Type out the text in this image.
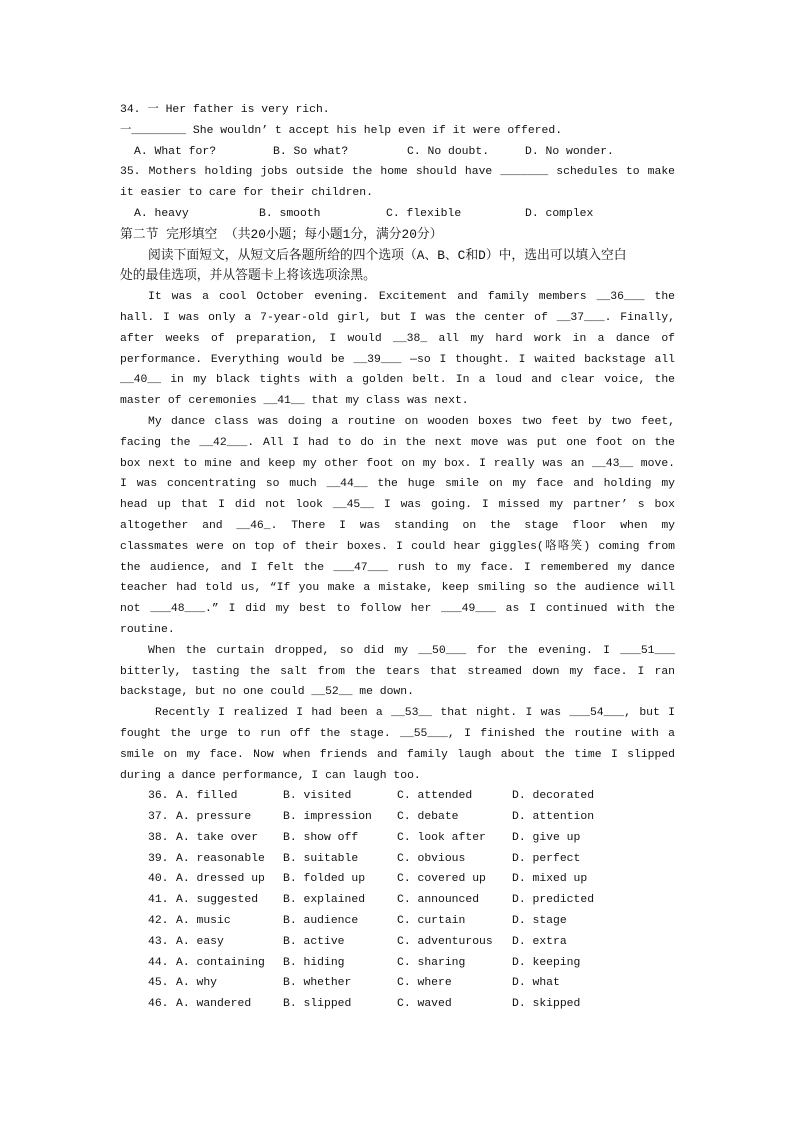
34. 一 Her father is very rich.
一________ She wouldn’ t accept his help even if it were offered.
A. What for?	B. So what?	C. No doubt.	D. No wonder.
35. Mothers holding jobs outside the home should have _______ schedules to make
it easier to care for their children.
A. heavy	B. smooth	C. flexible	D. complex
第二节 完形填空 （共20小题；每小题1分，满分20分）
阅读下面短文，从短文后各题所给的四个选项（A、B、C和D）中，选出可以填入空白
处的最佳选项，并从答题卡上将该选项涂黑。
It was a cool October evening. Excitement and family members __36___ the
hall. I was only a 7-year-old girl, but I was the center of __37___. Finally,
after weeks of preparation, I would __38_ all my hard work in a dance of
performance. Everything would be __39___ —so I thought. I waited backstage all
__40__ in my black tights with a golden belt. In a loud and clear voice, the
master of ceremonies __41__ that my class was next.
My dance class was doing a routine on wooden boxes two feet by two feet,
facing the __42___. All I had to do in the next move was put one foot on the
box next to mine and keep my other foot on my box. I really was an __43__ move.
I was concentrating so much __44__ the huge smile on my face and holding my
head up that I did not look __45__ I was going. I missed my partner’ s box
altogether and __46_. There I was standing on the stage floor when my
classmates were on top of their boxes. I could hear giggles(咯咯笑) coming from
the audience, and I felt the ___47___ rush to my face. I remembered my dance
teacher had told us, “If you make a mistake, keep smiling so the audience will
not ___48___.” I did my best to follow her ___49___ as I continued with the
routine.
When the curtain dropped, so did my __50___ for the evening. I ___51___
bitterly, tasting the salt from the tears that streamed down my face. I ran
backstage, but no one could __52__ me down.
Recently I realized I had been a __53__ that night. I was ___54___, but I
fought the urge to run off the stage. __55___, I finished the routine with a
smile on my face. Now when friends and family laugh about the time I slipped
during a dance performance, I can laugh too.
36. A. filled	B. visited	C. attended	D. decorated
37. A. pressure	B. impression C. debate	D. attention
38. A. take over B. show off	C. look after D. give up
39. A. reasonable B. suitable	C. obvious	D. perfect
40. A. dressed up B. folded up	C. covered up D. mixed up
41. A. suggested B. explained	C. announced	D. predicted
42. A. music	B. audience	C. curtain	D. stage
43. A. easy	B. active	C. adventurous D. extra
44. A. containing B. hiding	C. sharing	D. keeping
45. A. why	B. whether	C. where	D. what
46. A. wandered	B. slipped	C. waved	D. skipped
